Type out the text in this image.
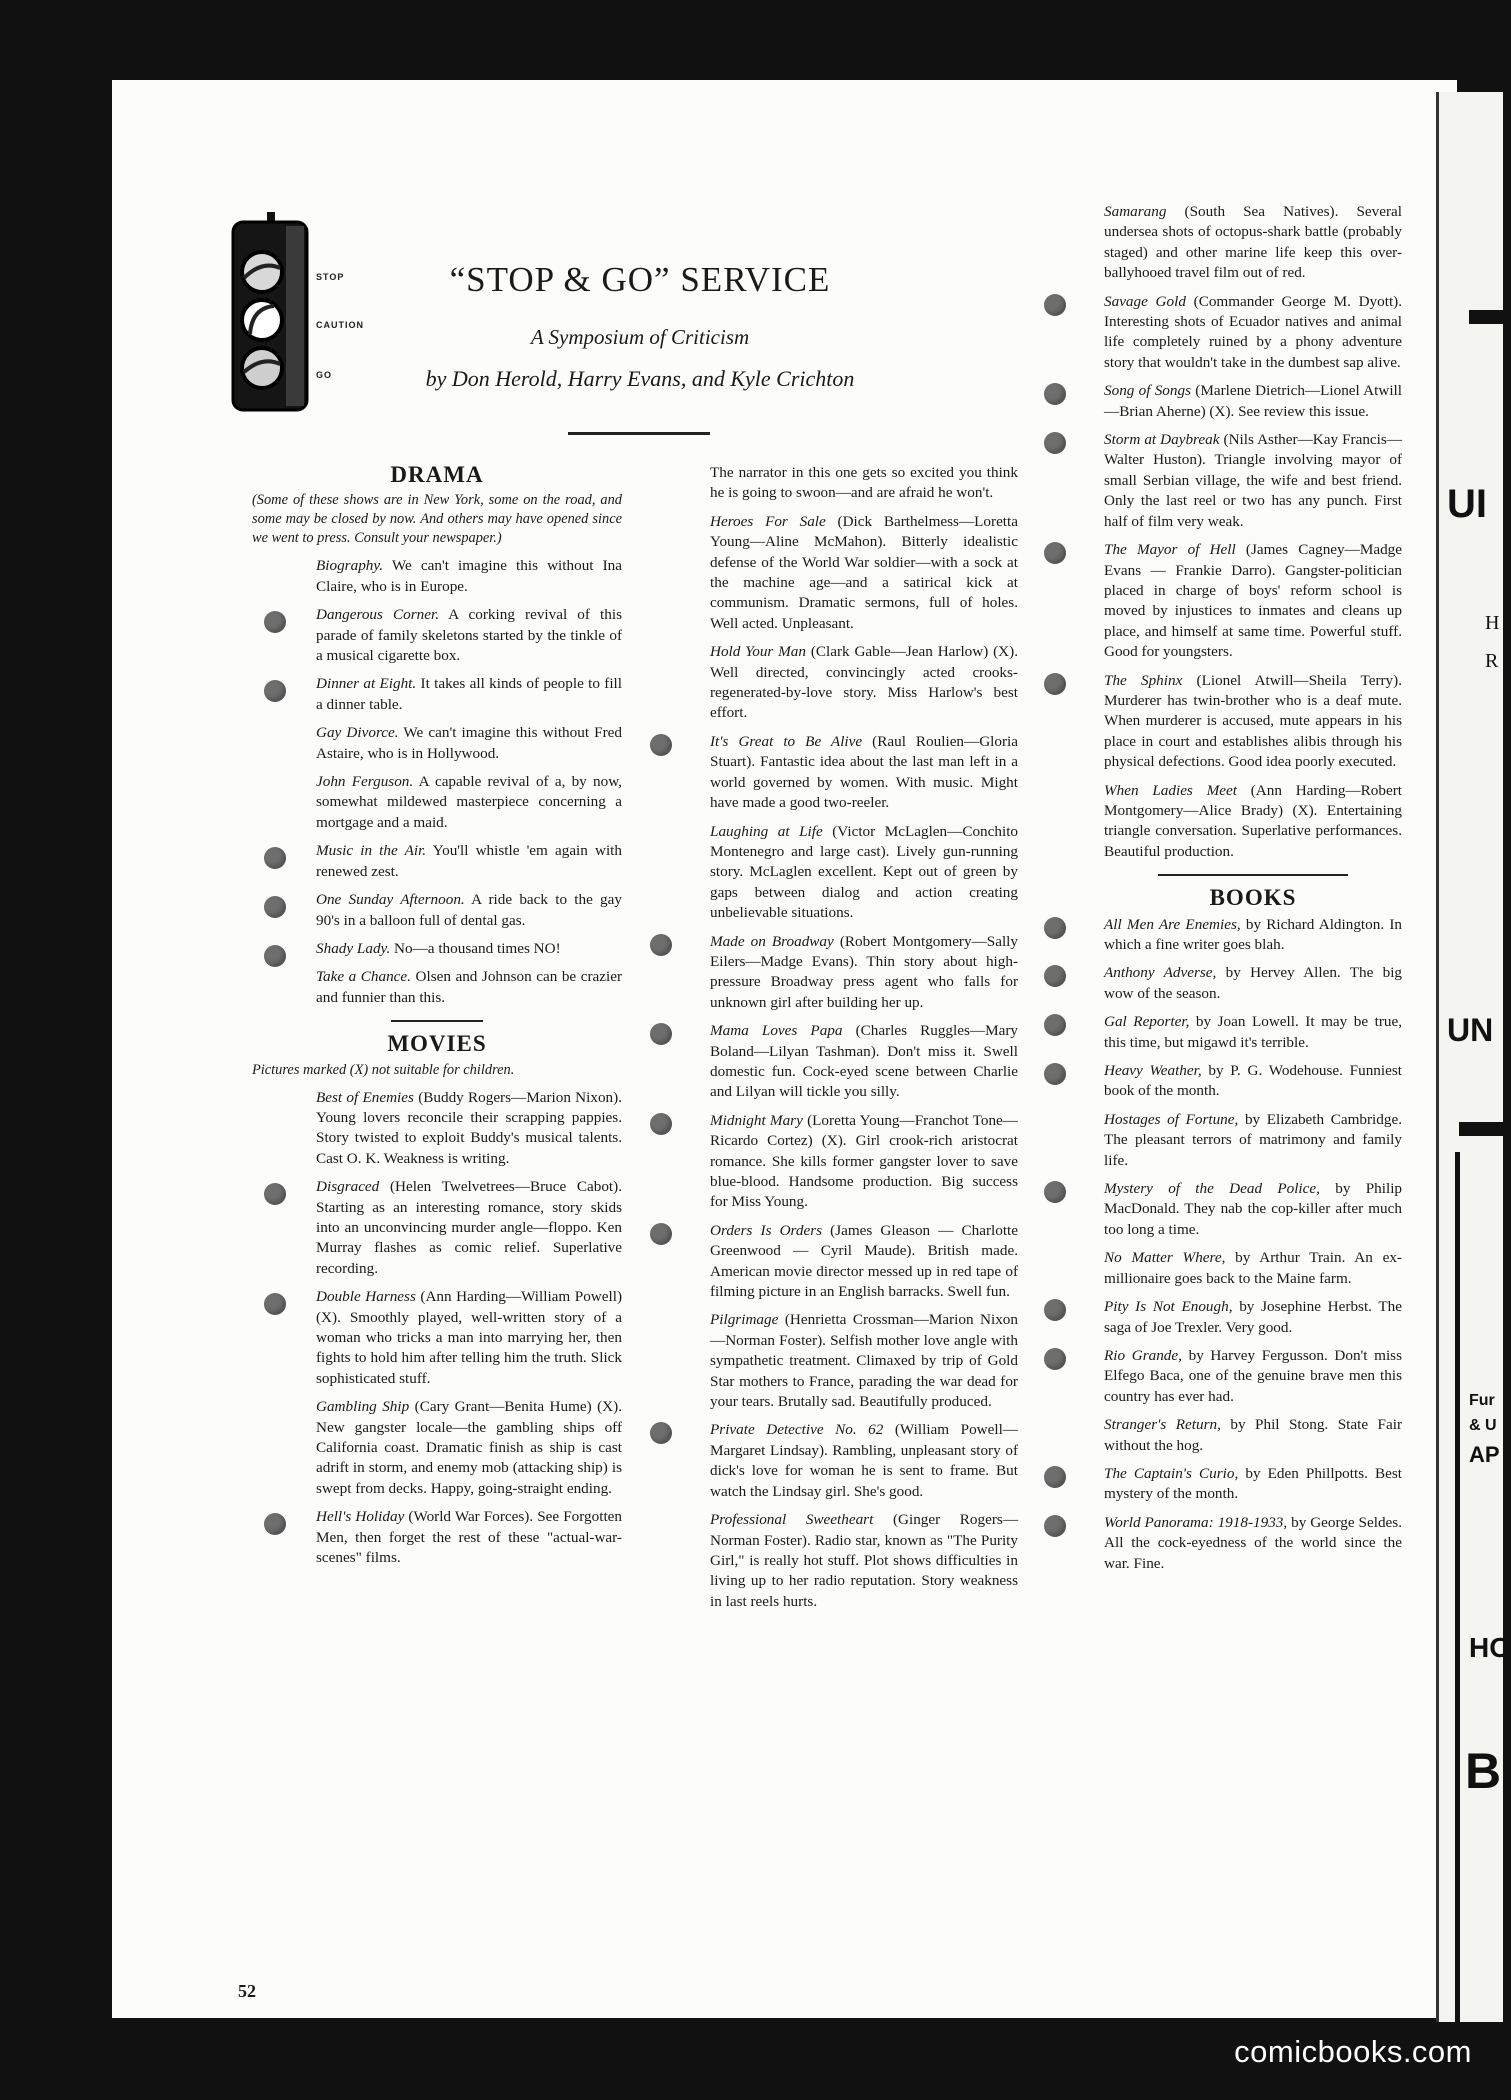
UI
H
R
UN
Fur
& U
AP
HO
B
STOP
CAUTION
GO
“STOP & GO” SERVICE
A Symposium of Criticism
by Don Herold, Harry Evans, and Kyle Crichton
DRAMA

(Some of these shows are in New York, some on the road, and some may be closed by now. And others may have opened since we went to press. Consult your newspaper.)

Biography. We can't imagine this without Ina Claire, who is in Europe.
Dangerous Corner. A corking revival of this parade of family skeletons started by the tinkle of a musical cigarette box.
Dinner at Eight. It takes all kinds of people to fill a dinner table.
Gay Divorce. We can't imagine this without Fred Astaire, who is in Hollywood.
John Ferguson. A capable revival of a, by now, somewhat mildewed masterpiece concerning a mortgage and a maid.
Music in the Air. You'll whistle 'em again with renewed zest.
One Sunday Afternoon. A ride back to the gay 90's in a balloon full of dental gas.
Shady Lady. No—a thousand times NO!
Take a Chance. Olsen and Johnson can be crazier and funnier than this.
MOVIES

Pictures marked (X) not suitable for children.

Best of Enemies (Buddy Rogers—Marion Nixon). Young lovers reconcile their scrapping pappies. Story twisted to exploit Buddy's musical talents. Cast O. K. Weakness is writing.
Disgraced (Helen Twelvetrees—Bruce Cabot). Starting as an interesting romance, story skids into an unconvincing murder angle—floppo. Ken Murray flashes as comic relief. Superlative recording.
Double Harness (Ann Harding—William Powell) (X). Smoothly played, well-written story of a woman who tricks a man into marrying her, then fights to hold him after telling him the truth. Slick sophisticated stuff.
Gambling Ship (Cary Grant—Benita Hume) (X). New gangster locale—the gambling ships off California coast. Dramatic finish as ship is cast adrift in storm, and enemy mob (attacking ship) is swept from decks. Happy, going-straight ending.
Hell's Holiday (World War Forces). See Forgotten Men, then forget the rest of these "actual-war-scenes" films.

The narrator in this one gets so excited you think he is going to swoon—and are afraid he won't.

Heroes For Sale (Dick Barthelmess—Loretta Young—Aline McMahon). Bitterly idealistic defense of the World War soldier—with a sock at the machine age—and a satirical kick at communism. Dramatic sermons, full of holes. Well acted. Unpleasant.
Hold Your Man (Clark Gable—Jean Harlow) (X). Well directed, convincingly acted crooks-regenerated-by-love story. Miss Harlow's best effort.
It's Great to Be Alive (Raul Roulien—Gloria Stuart). Fantastic idea about the last man left in a world governed by women. With music. Might have made a good two-reeler.
Laughing at Life (Victor McLaglen—Conchito Montenegro and large cast). Lively gun-running story. McLaglen excellent. Kept out of green by gaps between dialog and action creating unbelievable situations.
Made on Broadway (Robert Montgomery—Sally Eilers—Madge Evans). Thin story about high-pressure Broadway press agent who falls for unknown girl after building her up.
Mama Loves Papa (Charles Ruggles—Mary Boland—Lilyan Tashman). Don't miss it. Swell domestic fun. Cock-eyed scene between Charlie and Lilyan will tickle you silly.
Midnight Mary (Loretta Young—Franchot Tone—Ricardo Cortez) (X). Girl crook-rich aristocrat romance. She kills former gangster lover to save blue-blood. Handsome production. Big success for Miss Young.
Orders Is Orders (James Gleason — Charlotte Greenwood — Cyril Maude). British made. American movie director messed up in red tape of filming picture in an English barracks. Swell fun.
Pilgrimage (Henrietta Crossman—Marion Nixon—Norman Foster). Selfish mother love angle with sympathetic treatment. Climaxed by trip of Gold Star mothers to France, parading the war dead for your tears. Brutally sad. Beautifully produced.
Private Detective No. 62 (William Powell—Margaret Lindsay). Rambling, unpleasant story of dick's love for woman he is sent to frame. But watch the Lindsay girl. She's good.
Professional Sweetheart (Ginger Rogers—Norman Foster). Radio star, known as "The Purity Girl," is really hot stuff. Plot shows difficulties in living up to her radio reputation. Story weakness in last reels hurts.
Samarang (South Sea Natives). Several undersea shots of octopus-shark battle (probably staged) and other marine life keep this over-ballyhooed travel film out of red.
Savage Gold (Commander George M. Dyott). Interesting shots of Ecuador natives and animal life completely ruined by a phony adventure story that wouldn't take in the dumbest sap alive.
Song of Songs (Marlene Dietrich—Lionel Atwill—Brian Aherne) (X). See review this issue.
Storm at Daybreak (Nils Asther—Kay Francis—Walter Huston). Triangle involving mayor of small Serbian village, the wife and best friend. Only the last reel or two has any punch. First half of film very weak.
The Mayor of Hell (James Cagney—Madge Evans — Frankie Darro). Gangster-politician placed in charge of boys' reform school is moved by injustices to inmates and cleans up place, and himself at same time. Powerful stuff. Good for youngsters.
The Sphinx (Lionel Atwill—Sheila Terry). Murderer has twin-brother who is a deaf mute. When murderer is accused, mute appears in his place in court and establishes alibis through his physical defections. Good idea poorly executed.
When Ladies Meet (Ann Harding—Robert Montgomery—Alice Brady) (X). Entertaining triangle conversation. Superlative performances. Beautiful production.
BOOKS
All Men Are Enemies, by Richard Aldington. In which a fine writer goes blah.
Anthony Adverse, by Hervey Allen. The big wow of the season.
Gal Reporter, by Joan Lowell. It may be true, this time, but migawd it's terrible.
Heavy Weather, by P. G. Wodehouse. Funniest book of the month.
Hostages of Fortune, by Elizabeth Cambridge. The pleasant terrors of matrimony and family life.
Mystery of the Dead Police, by Philip MacDonald. They nab the cop-killer after much too long a time.
No Matter Where, by Arthur Train. An ex-millionaire goes back to the Maine farm.
Pity Is Not Enough, by Josephine Herbst. The saga of Joe Trexler. Very good.
Rio Grande, by Harvey Fergusson. Don't miss Elfego Baca, one of the genuine brave men this country has ever had.
Stranger's Return, by Phil Stong. State Fair without the hog.
The Captain's Curio, by Eden Phillpotts. Best mystery of the month.
World Panorama: 1918-1933, by George Seldes. All the cock-eyedness of the world since the war. Fine.
52
comicbooks.com
